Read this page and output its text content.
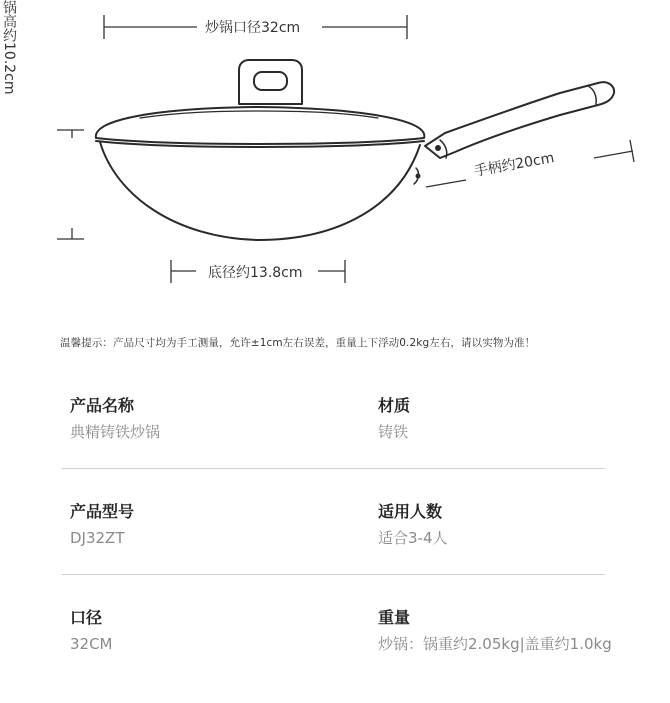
炒锅口径32cm
锅高约10.2cm
底径约13.8cm
手柄约20cm
温馨提示：产品尺寸均为手工测量，允许±1cm左右误差，重量上下浮动0.2kg左右，请以实物为准！
产品名称
典精铸铁炒锅
材质
铸铁
产品型号
DJ32ZT
适用人数
适合3-4人
口径
32CM
重量
炒锅：锅重约2.05kg|盖重约1.0kg
